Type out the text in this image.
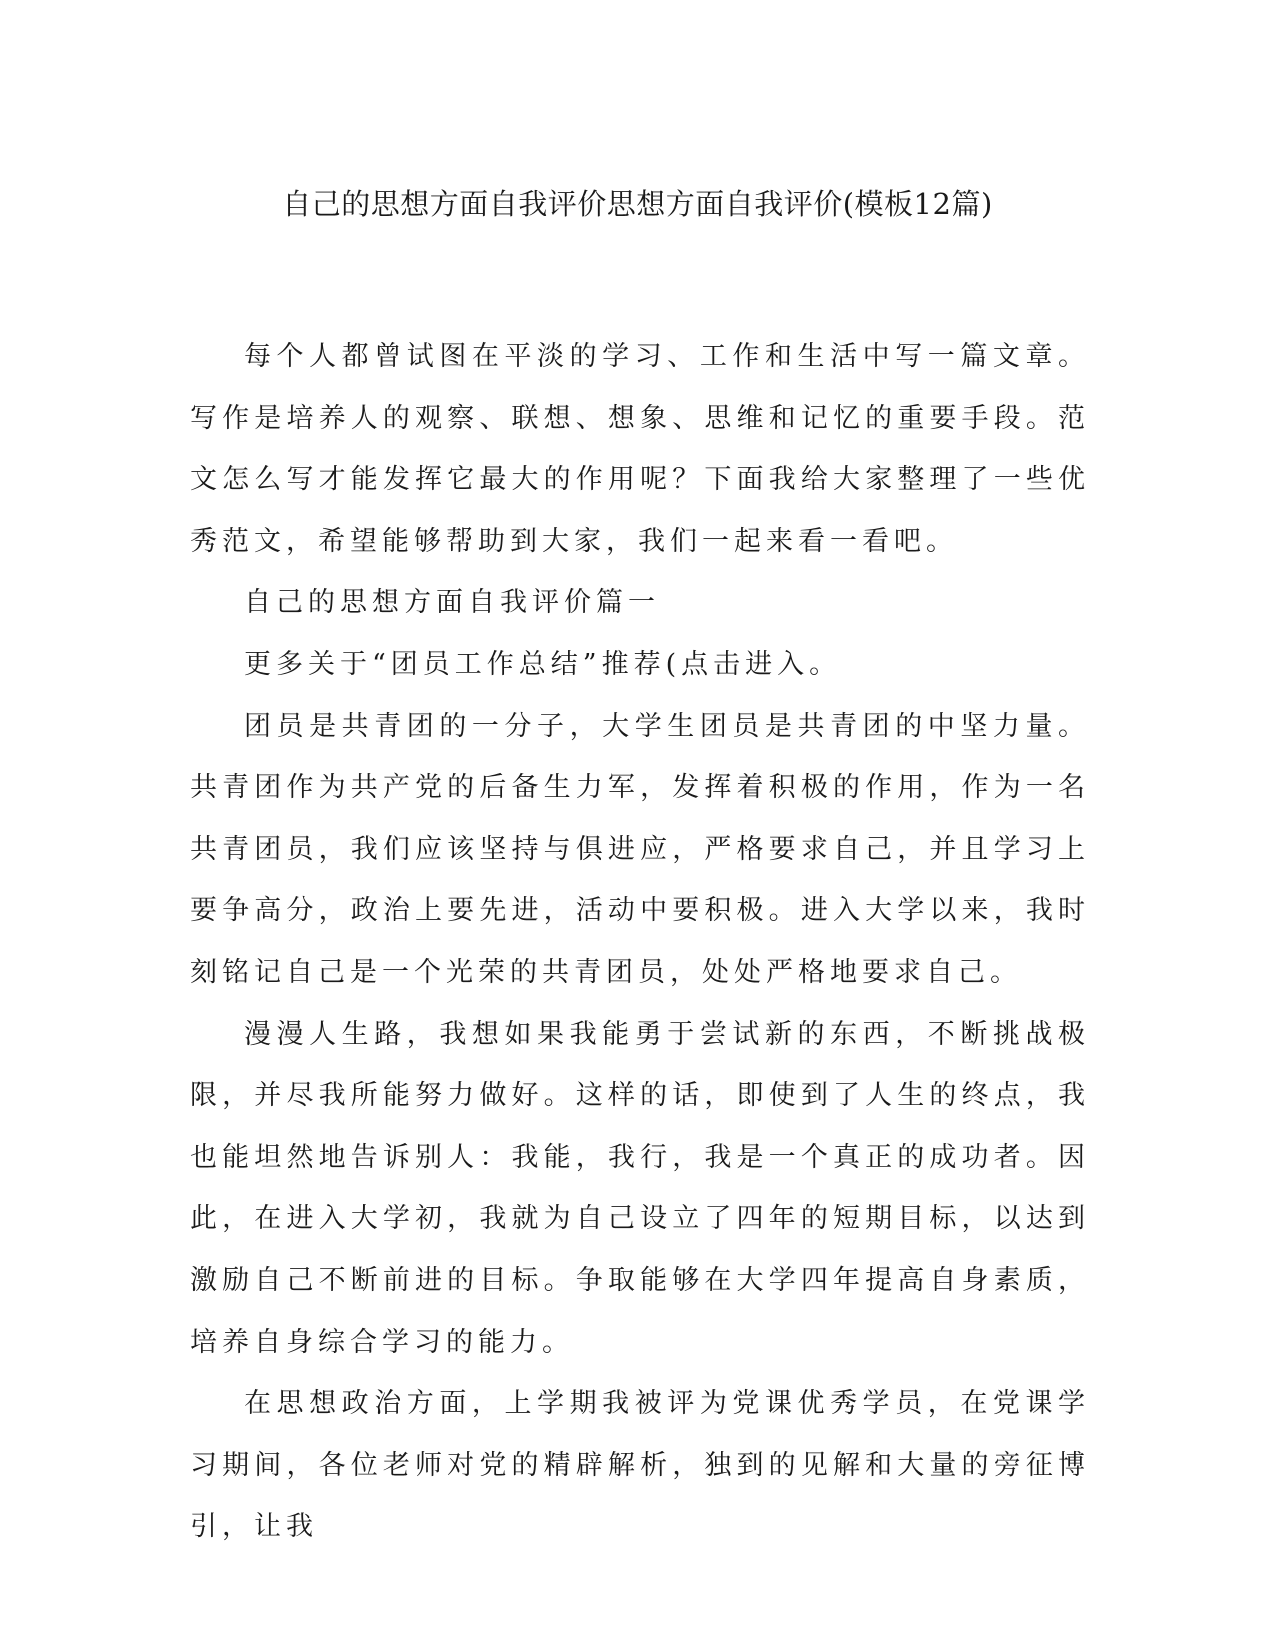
自己的思想方面自我评价思想方面自我评价(模板12篇)

每个人都曾试图在平淡的学习、工作和生活中写一篇文章。写作是培养人的观察、联想、想象、思维和记忆的重要手段。范文怎么写才能发挥它最大的作用呢？下面我给大家整理了一些优秀范文，希望能够帮助到大家，我们一起来看一看吧。

自己的思想方面自我评价篇一

更多关于“团员工作总结”推荐(点击进入。

团员是共青团的一分子，大学生团员是共青团的中坚力量。共青团作为共产党的后备生力军，发挥着积极的作用，作为一名共青团员，我们应该坚持与俱进应，严格要求自己，并且学习上要争高分，政治上要先进，活动中要积极。进入大学以来，我时刻铭记自己是一个光荣的共青团员，处处严格地要求自己。

漫漫人生路，我想如果我能勇于尝试新的东西，不断挑战极限，并尽我所能努力做好。这样的话，即使到了人生的终点，我也能坦然地告诉别人：我能，我行，我是一个真正的成功者。因此，在进入大学初，我就为自己设立了四年的短期目标，以达到激励自己不断前进的目标。争取能够在大学四年提高自身素质，培养自身综合学习的能力。

在思想政治方面，上学期我被评为党课优秀学员，在党课学习期间，各位老师对党的精辟解析，独到的见解和大量的旁征博引，让我
